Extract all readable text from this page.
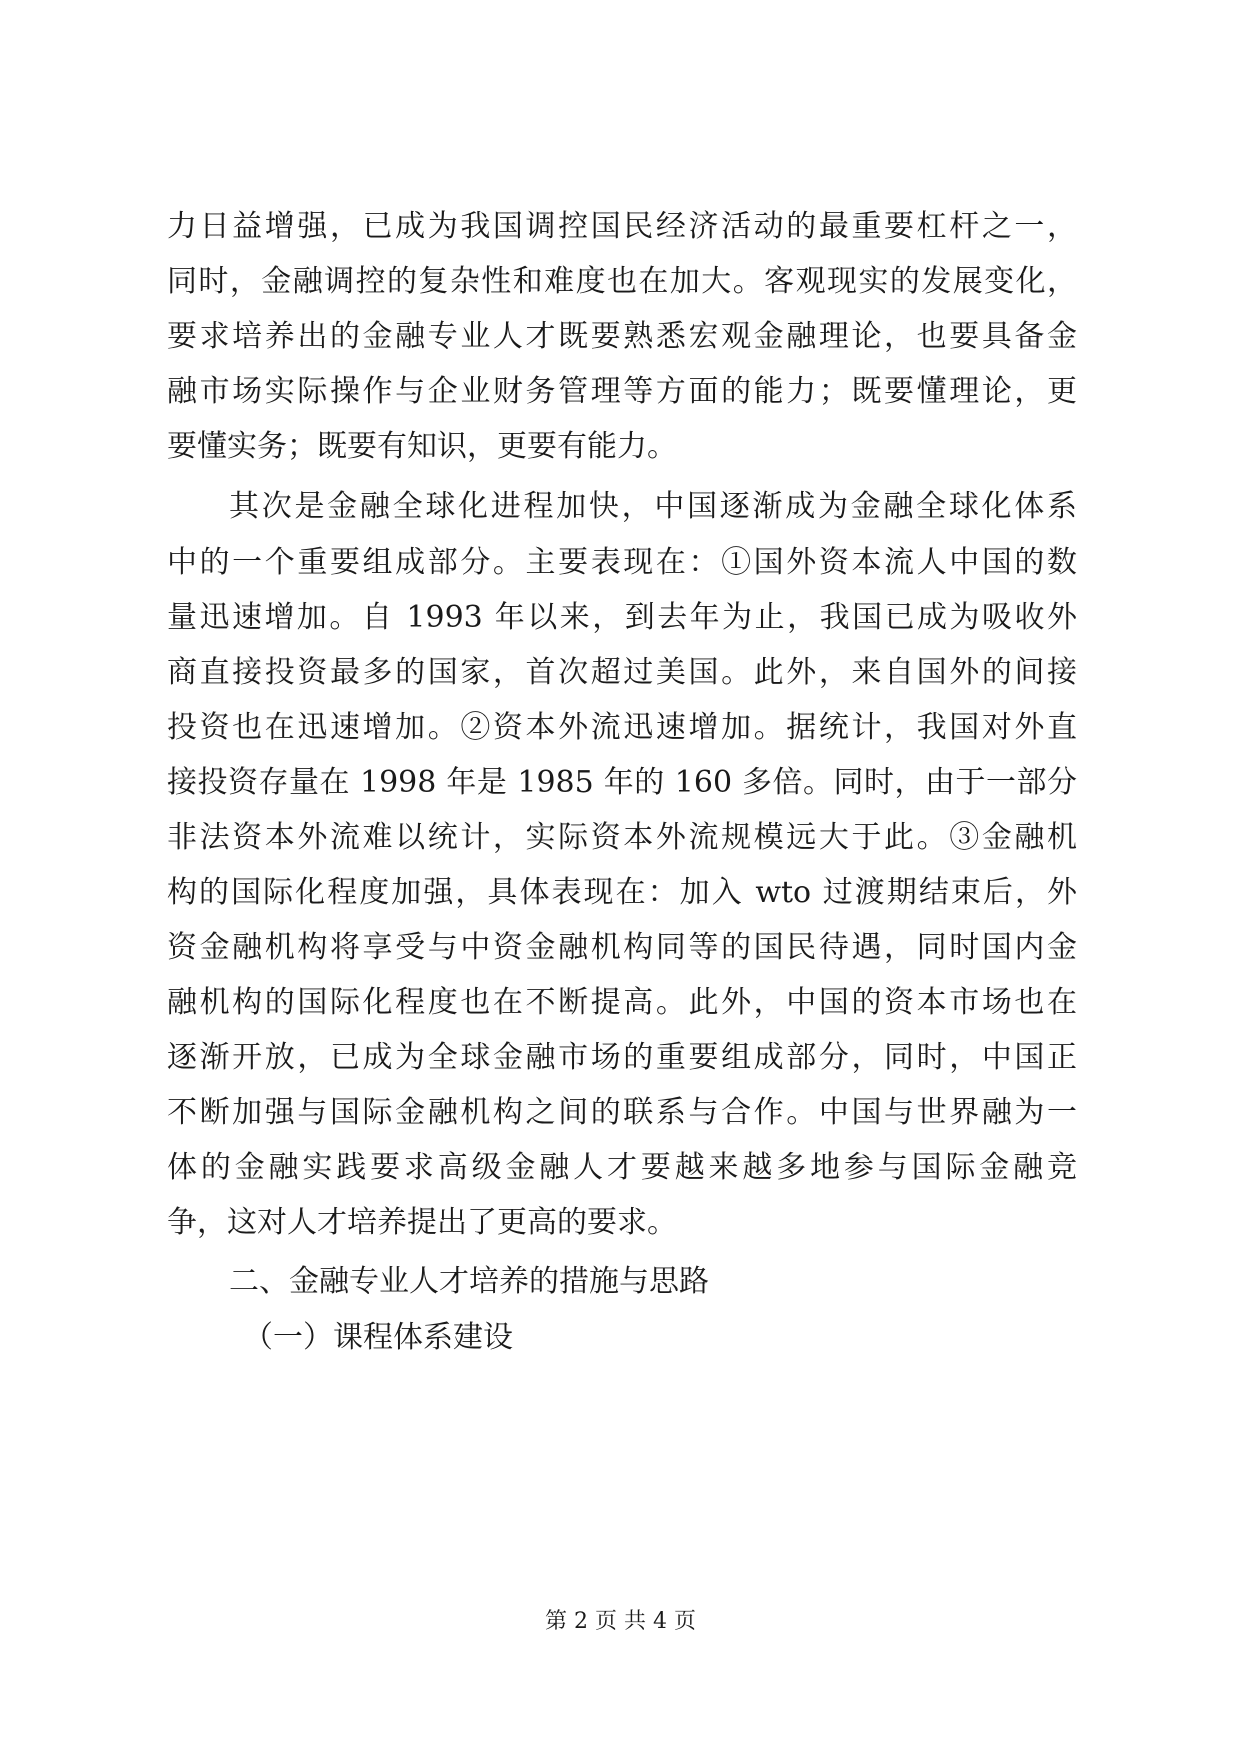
力日益增强，已成为我国调控国民经济活动的最重要杠杆之一，
同时，金融调控的复杂性和难度也在加大。客观现实的发展变化，
要求培养出的金融专业人才既要熟悉宏观金融理论，也要具备金
融市场实际操作与企业财务管理等方面的能力；既要懂理论，更
要懂实务；既要有知识，更要有能力。
其次是金融全球化进程加快，中国逐渐成为金融全球化体系
中的一个重要组成部分。主要表现在：①国外资本流人中国的数
量迅速增加。自 1993 年以来，到去年为止，我国已成为吸收外
商直接投资最多的国家，首次超过美国。此外，来自国外的间接
投资也在迅速增加。②资本外流迅速增加。据统计，我国对外直
接投资存量在 1998 年是 1985 年的 160 多倍。同时，由于一部分
非法资本外流难以统计，实际资本外流规模远大于此。③金融机
构的国际化程度加强，具体表现在：加入 wto 过渡期结束后，外
资金融机构将享受与中资金融机构同等的国民待遇，同时国内金
融机构的国际化程度也在不断提高。此外，中国的资本市场也在
逐渐开放，已成为全球金融市场的重要组成部分，同时，中国正
不断加强与国际金融机构之间的联系与合作。中国与世界融为一
体的金融实践要求高级金融人才要越来越多地参与国际金融竞
争，这对人才培养提出了更高的要求。
二、金融专业人才培养的措施与思路
（一）课程体系建设
第 2 页 共 4 页
